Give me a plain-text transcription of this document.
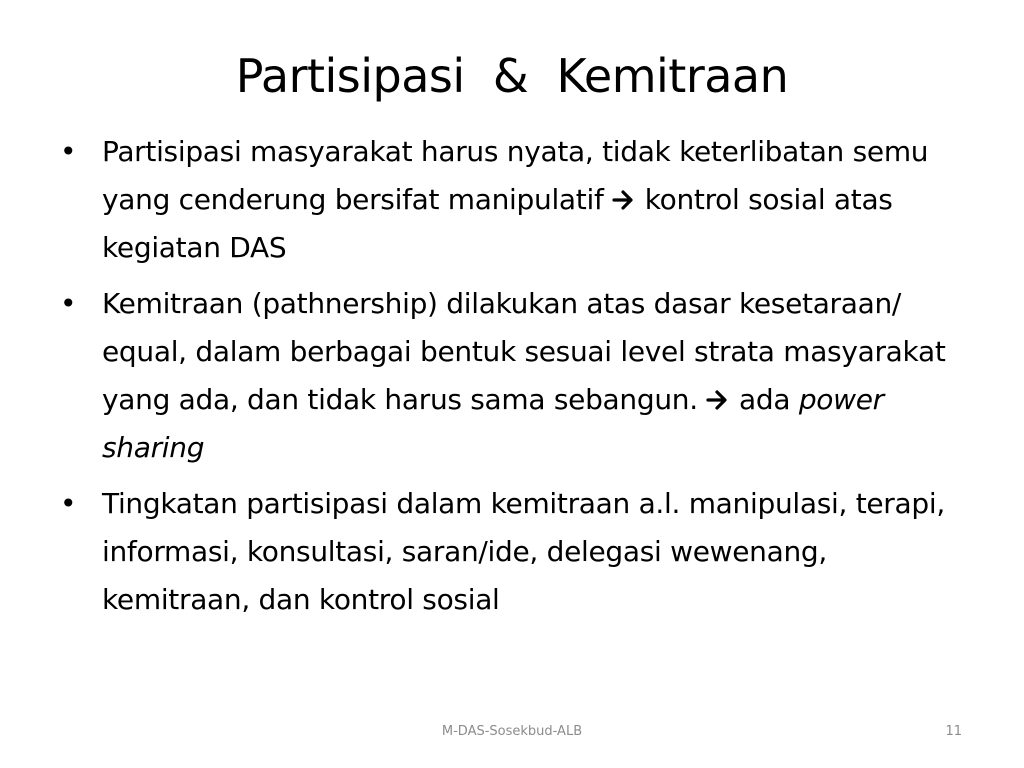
Partisipasi  &  Kemitraan
• Partisipasi masyarakat harus nyata, tidak keterlibatan semu yang cenderung bersifat manipulatif  kontrol sosial atas kegiatan DAS
• Kemitraan (pathnership) dilakukan atas dasar kesetaraan/ equal, dalam berbagai bentuk sesuai level strata masyarakat yang ada, dan tidak harus sama sebangun.  ada power sharing
• Tingkatan partisipasi dalam kemitraan a.l. manipulasi, terapi, informasi, konsultasi, saran/ide, delegasi wewenang, kemitraan, dan kontrol sosial
M-DAS-Sosekbud-ALB	11
